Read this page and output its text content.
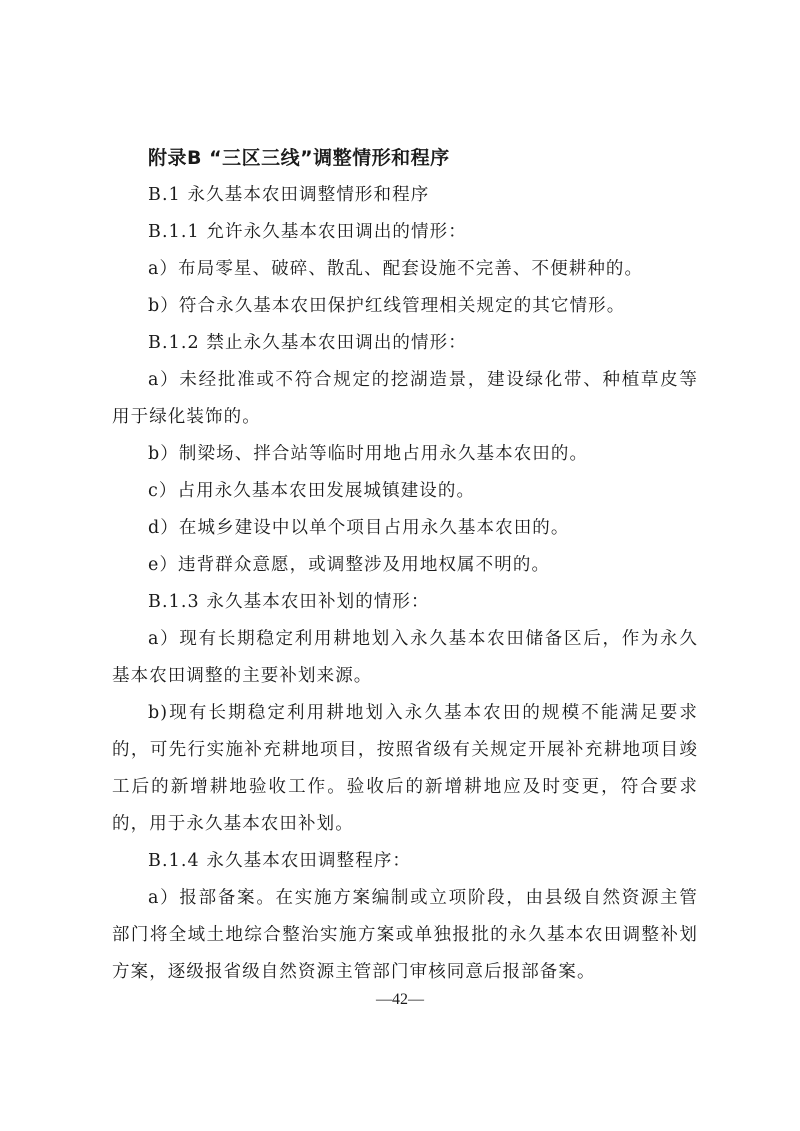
附录B “三区三线”调整情形和程序

B.1 永久基本农田调整情形和程序

B.1.1 允许永久基本农田调出的情形：

a）布局零星、破碎、散乱、配套设施不完善、不便耕种的。

b）符合永久基本农田保护红线管理相关规定的其它情形。

B.1.2 禁止永久基本农田调出的情形：

a）未经批准或不符合规定的挖湖造景，建设绿化带、种植草皮等用于绿化装饰的。

b）制梁场、拌合站等临时用地占用永久基本农田的。

c）占用永久基本农田发展城镇建设的。

d）在城乡建设中以单个项目占用永久基本农田的。

e）违背群众意愿，或调整涉及用地权属不明的。

B.1.3 永久基本农田补划的情形：

a）现有长期稳定利用耕地划入永久基本农田储备区后，作为永久基本农田调整的主要补划来源。

b)现有长期稳定利用耕地划入永久基本农田的规模不能满足要求的，可先行实施补充耕地项目，按照省级有关规定开展补充耕地项目竣工后的新增耕地验收工作。验收后的新增耕地应及时变更，符合要求的，用于永久基本农田补划。

B.1.4 永久基本农田调整程序：

a）报部备案。在实施方案编制或立项阶段，由县级自然资源主管部门将全域土地综合整治实施方案或单独报批的永久基本农田调整补划方案，逐级报省级自然资源主管部门审核同意后报部备案。

—42—
